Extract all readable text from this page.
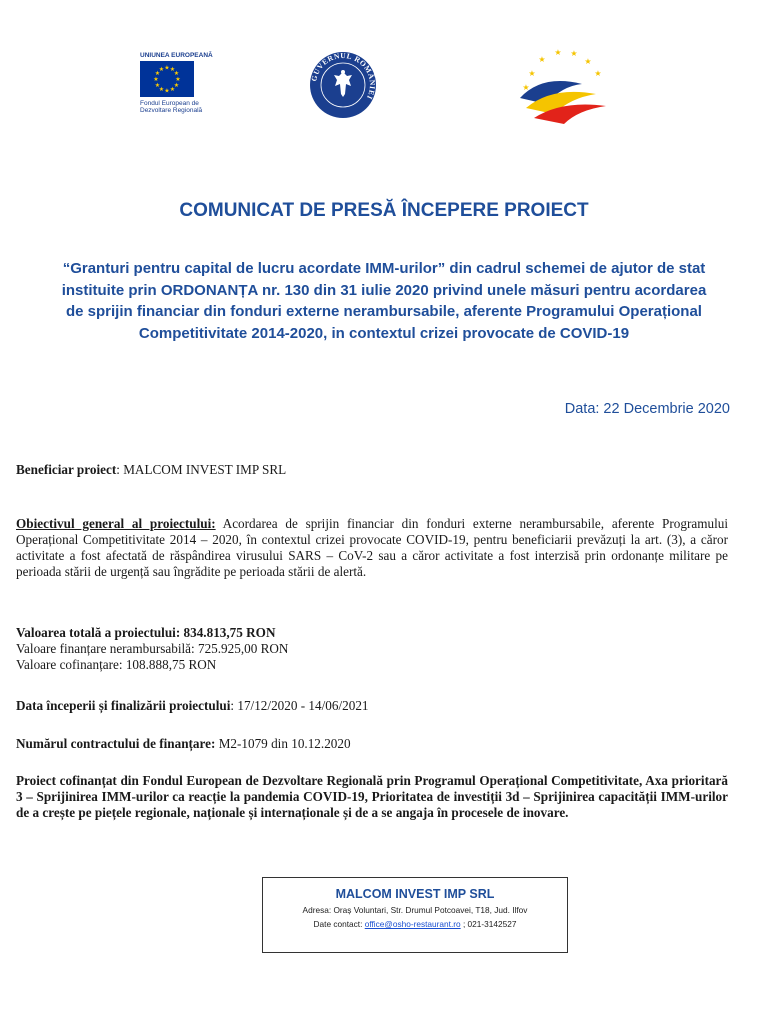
UNIUNEA EUROPEANĂ
★ ★
★
★
★
★
★
★
★
★
★
★
Fondul European de
Dezvoltare Regională
GUVERNUL ROMÂNIEI
★
★
★ ★
★
★
★
COMUNICAT DE PRESĂ ÎNCEPERE PROIECT
“Granturi pentru capital de lucru acordate IMM-urilor” din cadrul schemei de ajutor de stat instituite prin ORDONANȚA nr. 130 din 31 iulie 2020 privind unele măsuri pentru acordarea de sprijin financiar din fonduri externe nerambursabile, aferente Programului Operațional Competitivitate 2014-2020, in contextul crizei provocate de COVID-19
Data: 22 Decembrie 2020
Beneficiar proiect: MALCOM INVEST IMP SRL
Obiectivul general al proiectului: Acordarea de sprijin financiar din fonduri externe nerambursabile, aferente Programului Operațional Competitivitate 2014 – 2020, în contextul crizei provocate COVID-19, pentru beneficiarii prevăzuți la art. (3), a căror activitate a fost afectată de răspândirea virusului SARS – CoV-2 sau a căror activitate a fost interzisă prin ordonanțe militare pe perioada stării de urgență sau îngrădite pe perioada stării de alertă.
Valoarea totală a proiectului: 834.813,75 RON
Valoare finanțare nerambursabilă: 725.925,00 RON
Valoare cofinanțare: 108.888,75 RON
Data începerii și finalizării proiectului: 17/12/2020 - 14/06/2021
Numărul contractului de finanțare: M2-1079 din 10.12.2020
Proiect cofinanțat din Fondul European de Dezvoltare Regională prin Programul Operațional Competitivitate, Axa prioritară 3 – Sprijinirea IMM-urilor ca reacție la pandemia COVID-19, Prioritatea de investiții 3d – Sprijinirea capacității IMM-urilor de a crește pe piețele regionale, naționale și internaționale și de a se angaja în procesele de inovare.
MALCOM INVEST IMP SRL
Adresa: Oraș Voluntari, Str. Drumul Potcoavei, T18, Jud. Ilfov
Date contact: office@osho-restaurant.ro ; 021-3142527
